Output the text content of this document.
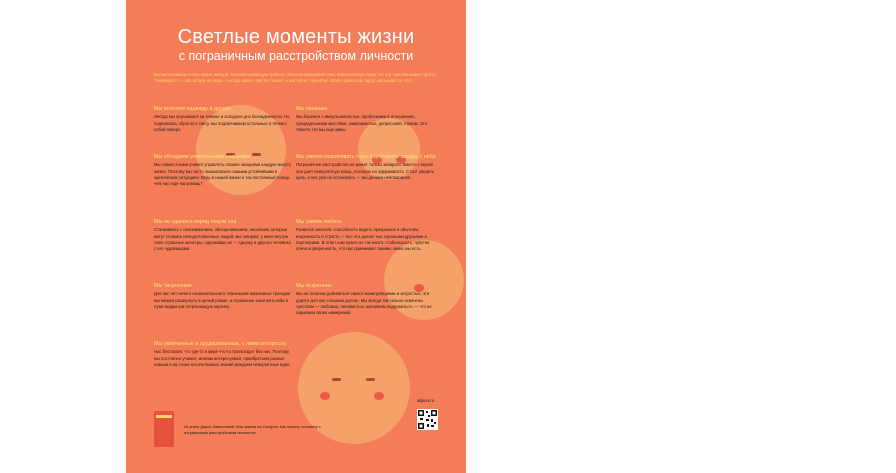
Светлые моменты жизни
с пограничным расстройством личности
Мы испытываем очень яркие эмоции: всеохватывающую тревогу, неконтролируемый гнев, невыносимую скуку. Но эти чувства важно просто "переждать" — как шторм на море. А когда шквал чувств стихает и наступает принятие своего диагноза, вдруг оказывается, что...
Мы вселяем надежду в других
Иногда мы опускаемся на темное и холодное дно безнадежности. Но, поднимаясь обратно к свету, мы подсвечиваем остальных и тянем с собой наверх.
Мы обладаем уникальными навыками
Мы совместными учимся управлять своими эмоциями каждую минуту жизни. Поэтому мы часто оказываемся самыми устойчивыми в критических ситуациях. Ведь в нашей жизни и так постоянный пожар, чем нас еще напугаешь?
Мы не сдаемся перед лицом зла
Сталкиваясь с непониманием, обесцениванием, насилием, которые могут сломать неподготовленных людей, мы говорим: у меня внутри тоже страшные монстры, сдерживаю их — сдержу и другого человека с его чудовищами.
Мы творческие
Для нас нет ничего незначительного. Маленькие жизненные трагедии мы можем развернуть в целый роман, а отражение закатного неба в луже видим как потрясающую картину.
Мы увлеченные и эрудированные, с нами интересно
Нас беспокоит, что где-то в мире что-то происходит без нас. Поэтому мы постоянно учимся, многим интересуемся, приобретаем разные навыки и на стыке несочетаемых знаний рождаем невероятные идеи.
Мы сильные
Мы боремся с импульсивностью, проблемами в отношениях, суицидальными мыслями, зависимостью, депрессией, гневом. Это тяжело. Но мы еще живы.
Мы умеем сворачивать горы и доставать звезды с неба
Пограничное расстройство не может только забирать: вместе с мукой оно дает невероятную мощь, похожую на одержимость. Стоит увидеть цель, и нас уже не остановить — мы делаем невозможное.
Мы умеем любить
Развитая эмпатия, способность видеть прекрасное в обычном, искренность и страсть — все это делает нас хорошими друзьями и партнерами. В ответ нам нужно не так много: стабильность, чувство плеча и уверенность, что нас принимают такими, какие мы есть.
Мы искренние
Мы не склонны добиваться своего манипуляциями и хитростью, эти дороги для нас слишком долгие. Мы всегда так сильно охвачены чувством — любовью, ненавистью, желанием подружиться, — что не скрываем своих намерений.
Из книги Дарьи Завьяловой «Мы живем на Сатурне. Как помочь человеку с пограничным расстройством личности»
alpina.ru
